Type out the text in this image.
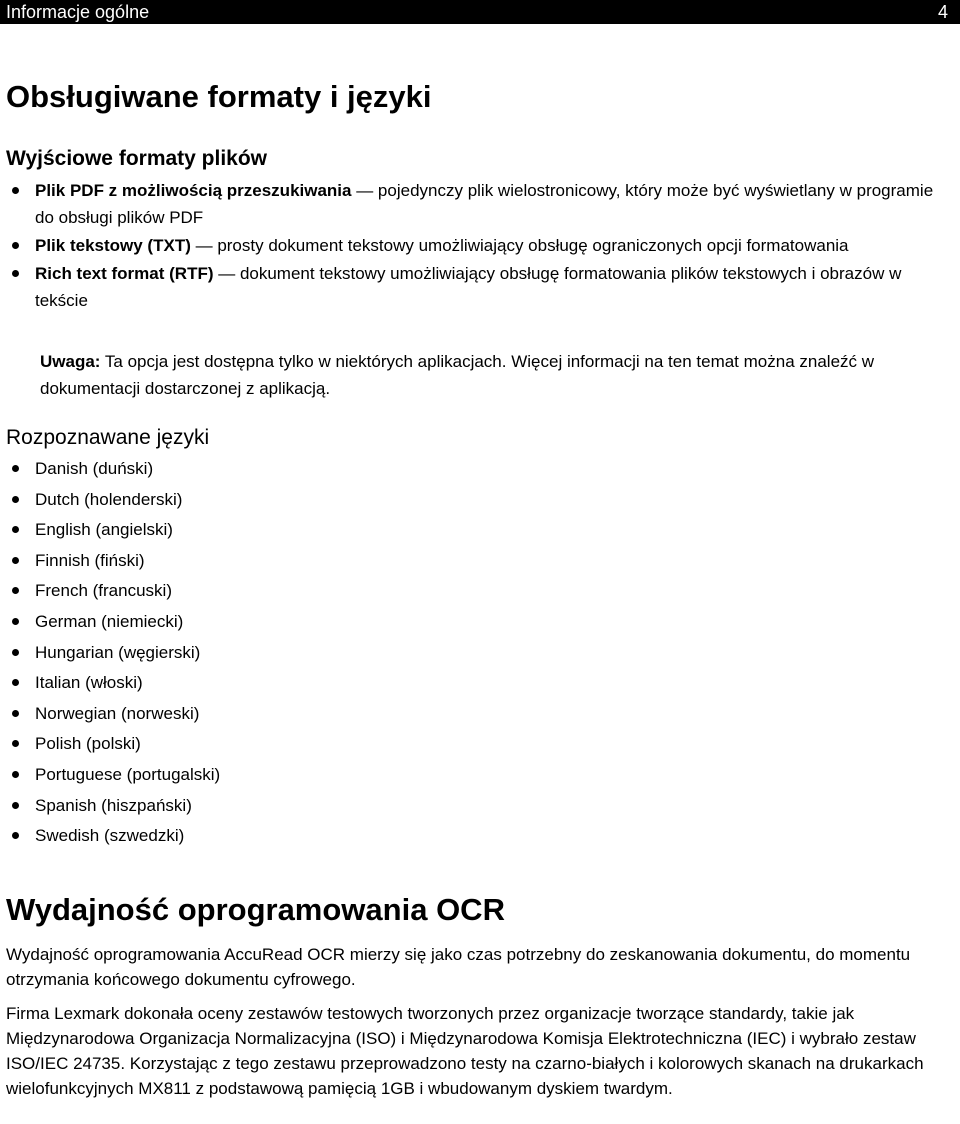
Informacje ogólne	4
Obsługiwane formaty i języki
Wyjściowe formaty plików
Plik PDF z możliwością przeszukiwania — pojedynczy plik wielostronicowy, który może być wyświetlany w programie do obsługi plików PDF
Plik tekstowy (TXT) — prosty dokument tekstowy umożliwiający obsługę ograniczonych opcji formatowania
Rich text format (RTF) — dokument tekstowy umożliwiający obsługę formatowania plików tekstowych i obrazów w tekście
Uwaga: Ta opcja jest dostępna tylko w niektórych aplikacjach. Więcej informacji na ten temat można znaleźć w dokumentacji dostarczonej z aplikacją.
Rozpoznawane języki
Danish (duński)
Dutch (holenderski)
English (angielski)
Finnish (fiński)
French (francuski)
German (niemiecki)
Hungarian (węgierski)
Italian (włoski)
Norwegian (norweski)
Polish (polski)
Portuguese (portugalski)
Spanish (hiszpański)
Swedish (szwedzki)
Wydajność oprogramowania OCR

Wydajność oprogramowania AccuRead OCR mierzy się jako czas potrzebny do zeskanowania dokumentu, do momentu otrzymania końcowego dokumentu cyfrowego.

Firma Lexmark dokonała oceny zestawów testowych tworzonych przez organizacje tworzące standardy, takie jak Międzynarodowa Organizacja Normalizacyjna (ISO) i Międzynarodowa Komisja Elektrotechniczna (IEC) i wybrało zestaw ISO/IEC 24735. Korzystając z tego zestawu przeprowadzono testy na czarno-białych i kolorowych skanach na drukarkach wielofunkcyjnych MX811 z podstawową pamięcią 1GB i wbudowanym dyskiem twardym.
